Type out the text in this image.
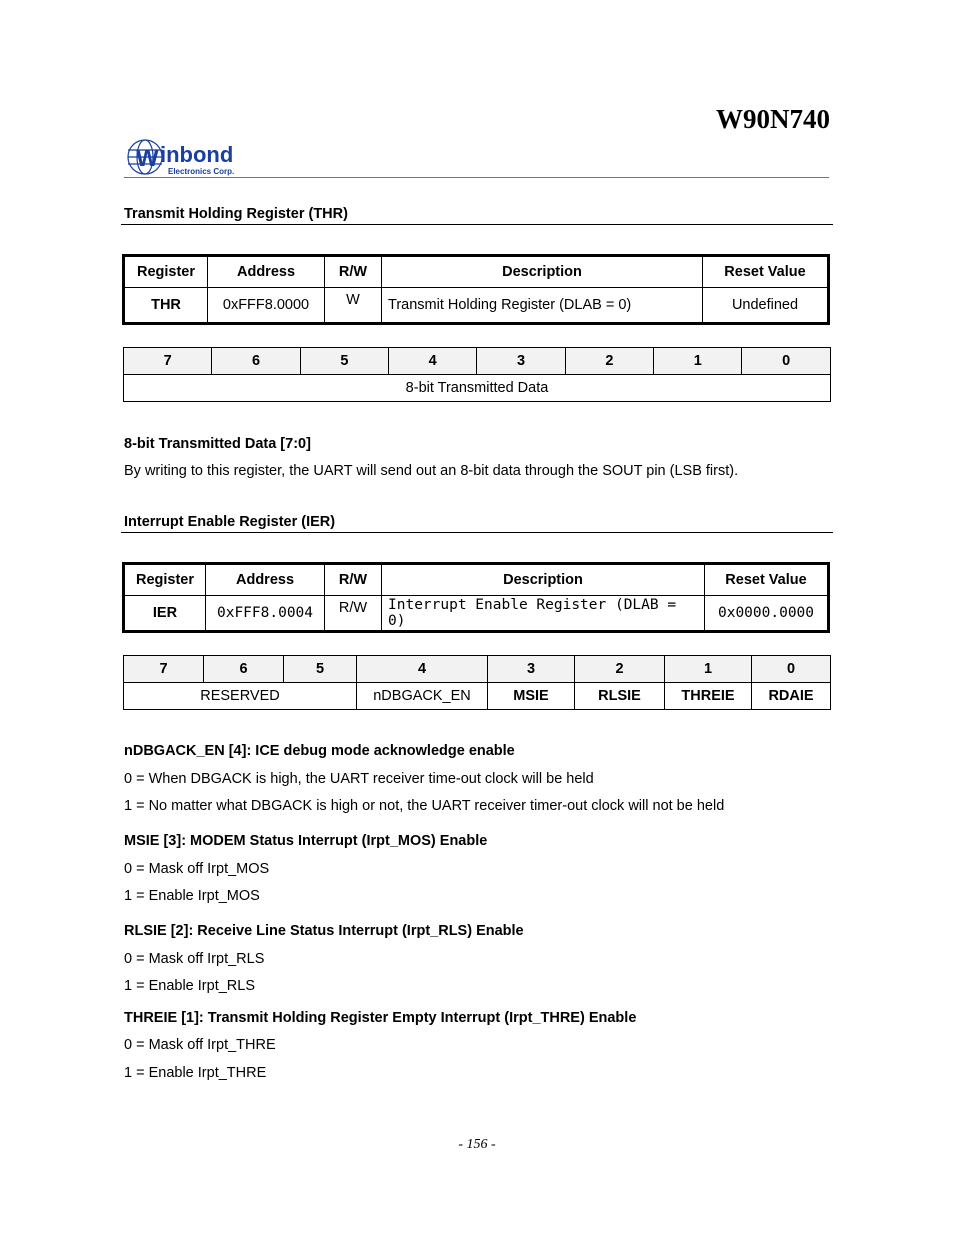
W90N740
W inbond
Electronics Corp.
Transmit Holding Register (THR)
Register	Address	R/W	Description	Reset Value
THR	0xFFF8.0000	W	Transmit Holding Register (DLAB = 0)	Undefined
7	6	5	4	3	2	1	0
8-bit Transmitted Data
8-bit Transmitted Data [7:0]
By writing to this register, the UART will send out an 8-bit data through the SOUT pin (LSB first).
Interrupt Enable Register (IER)
Register	Address	R/W	Description	Reset Value
IER	0xFFF8.0004	R/W	Interrupt Enable Register (DLAB = 0)	0x0000.0000
7	6	5	4	3	2	1	0
RESERVED			nDBGACK_EN	MSIE	RLSIE	THREIE	RDAIE
nDBGACK_EN [4]: ICE debug mode acknowledge enable
0 = When DBGACK is high, the UART receiver time-out clock will be held
1 = No matter what DBGACK is high or not, the UART receiver timer-out clock will not be held
MSIE [3]: MODEM Status Interrupt (Irpt_MOS) Enable
0 = Mask off Irpt_MOS
1 = Enable Irpt_MOS
RLSIE [2]: Receive Line Status Interrupt (Irpt_RLS) Enable
0 = Mask off Irpt_RLS
1 = Enable Irpt_RLS
THREIE [1]: Transmit Holding Register Empty Interrupt (Irpt_THRE) Enable
0 = Mask off Irpt_THRE
1 = Enable Irpt_THRE
- 156 -
